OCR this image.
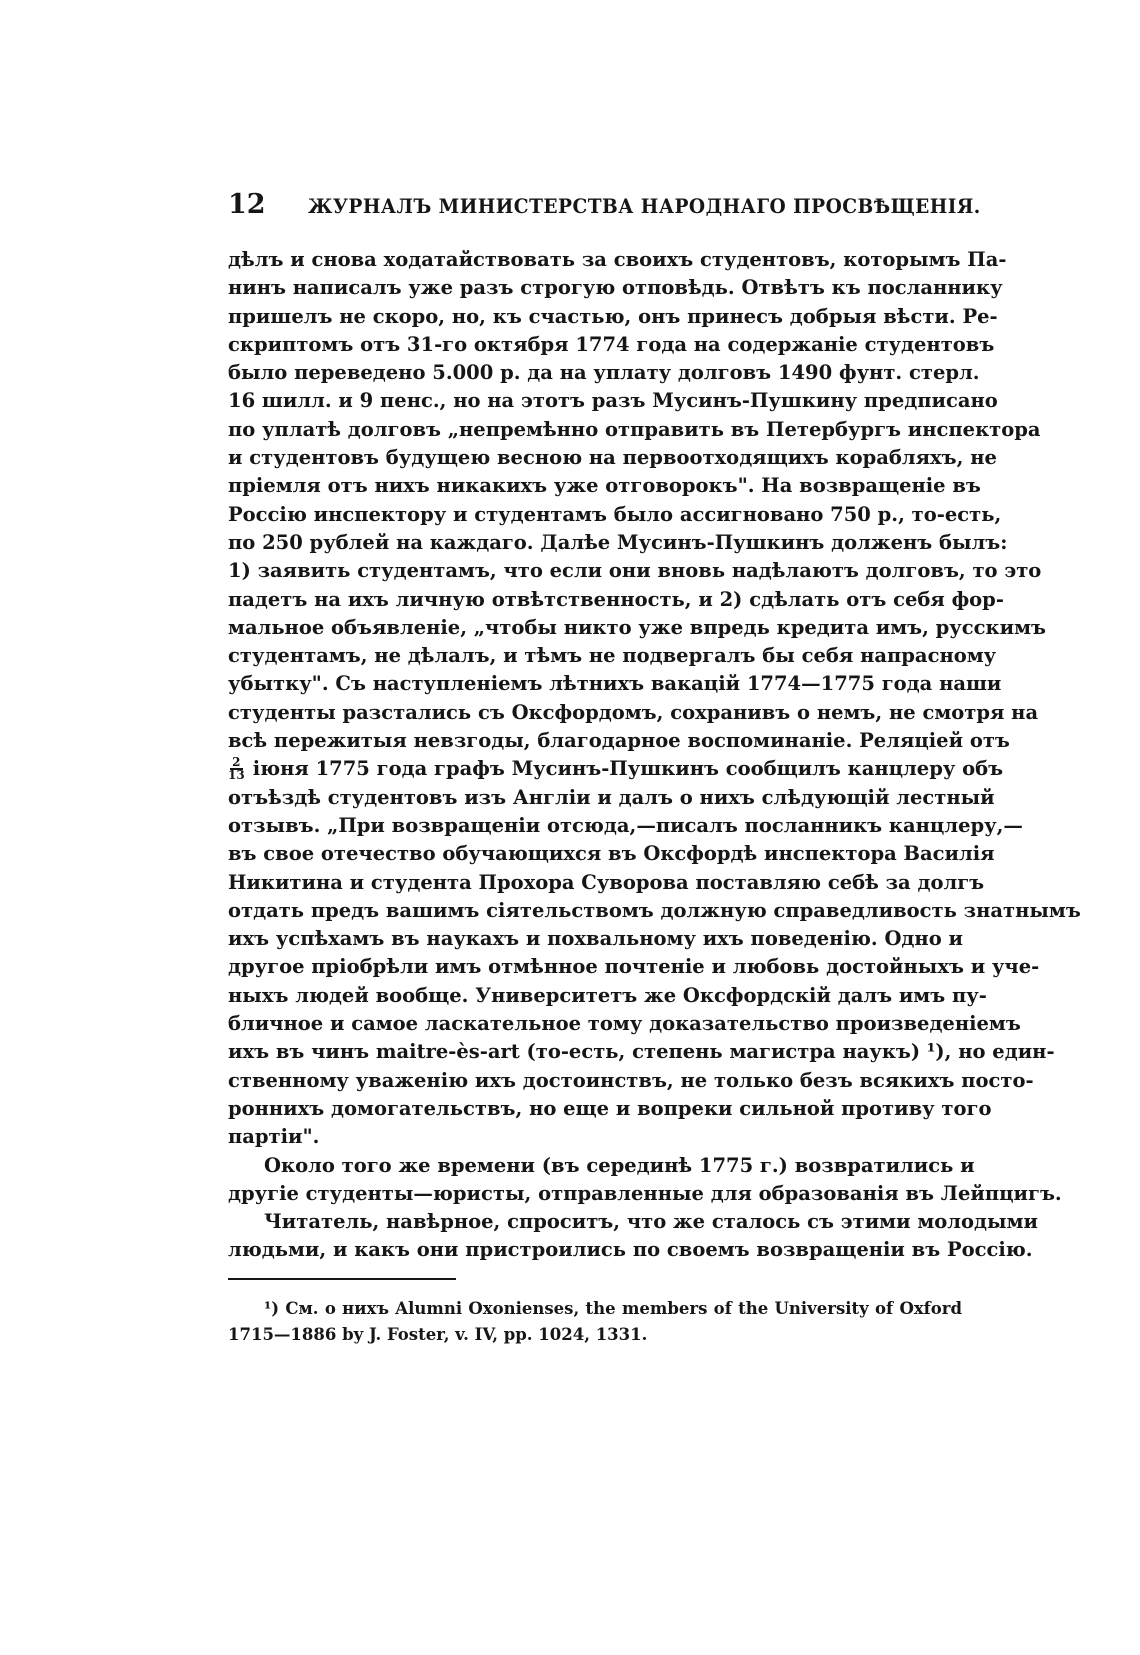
12 ЖУРНАЛЪ МИНИСТЕРСТВА НАРОДНАГО ПРОСВѢЩЕНІЯ.
дѣлъ и снова ходатайствовать за своихъ студентовъ, которымъ Па-
нинъ написалъ уже разъ строгую отповѣдь. Отвѣтъ къ посланнику
пришелъ не скоро, но, къ счастью, онъ принесъ добрыя вѣсти. Ре-
скриптомъ отъ 31-го октября 1774 года на содержаніе студентовъ
было переведено 5.000 р. да на уплату долговъ 1490 фунт. стерл.
16 шилл. и 9 пенс., но на этотъ разъ Мусинъ-Пушкину предписано
по уплатѣ долговъ „непремѣнно отправить въ Петербургъ инспектора
и студентовъ будущею весною на первоотходящихъ корабляхъ, не
пріемля отъ нихъ никакихъ уже отговорокъ". На возвращеніе въ
Россію инспектору и студентамъ было ассигновано 750 р., то-есть,
по 250 рублей на каждаго. Далѣе Мусинъ-Пушкинъ долженъ былъ:
1) заявить студентамъ, что если они вновь надѣлаютъ долговъ, то это
падетъ на ихъ личную отвѣтственность, и 2) сдѣлать отъ себя фор-
мальное объявленіе, „чтобы никто уже впредь кредита имъ, русскимъ
студентамъ, не дѣлалъ, и тѣмъ не подвергалъ бы себя напрасному
убытку". Съ наступленіемъ лѣтнихъ вакацій 1774—1775 года наши
студенты разстались съ Оксфордомъ, сохранивъ о немъ, не смотря на
всѣ пережитыя невзгоды, благодарное воспоминаніе. Реляціей отъ
$\frac{2}{13}$ іюня 1775 года графъ Мусинъ-Пушкинъ сообщилъ канцлеру объ
отъѣздѣ студентовъ изъ Англіи и далъ о нихъ слѣдующій лестный
отзывъ. „При возвращеніи отсюда,—писалъ посланникъ канцлеру,—
въ свое отечество обучающихся въ Оксфордѣ инспектора Василія
Никитина и студента Прохора Суворова поставляю себѣ за долгъ
отдать предъ вашимъ сіятельствомъ должную справедливость знатнымъ
ихъ успѣхамъ въ наукахъ и похвальному ихъ поведенію. Одно и
другое пріобрѣли имъ отмѣнное почтеніе и любовь достойныхъ и уче-
ныхъ людей вообще. Университетъ же Оксфордскій далъ имъ пу-
бличное и самое ласкательное тому доказательство произведеніемъ
ихъ въ чинъ maitre-ès-art (то-есть, степень магистра наукъ) ¹), но един-
ственному уваженію ихъ достоинствъ, не только безъ всякихъ посто-
роннихъ домогательствъ, но еще и вопреки сильной противу того
партіи".
Около того же времени (въ серединѣ 1775 г.) возвратились и
другіе студенты—юристы, отправленные для образованія въ Лейпцигъ.
Читатель, навѣрное, спроситъ, что же сталось съ этими молодыми
людьми, и какъ они пристроились по своемъ возвращеніи въ Россію.
¹) См. о нихъ Alumni Oxonienses, the members of the University of Oxford
1715—1886 by J. Foster, v. IV, pp. 1024, 1331.
